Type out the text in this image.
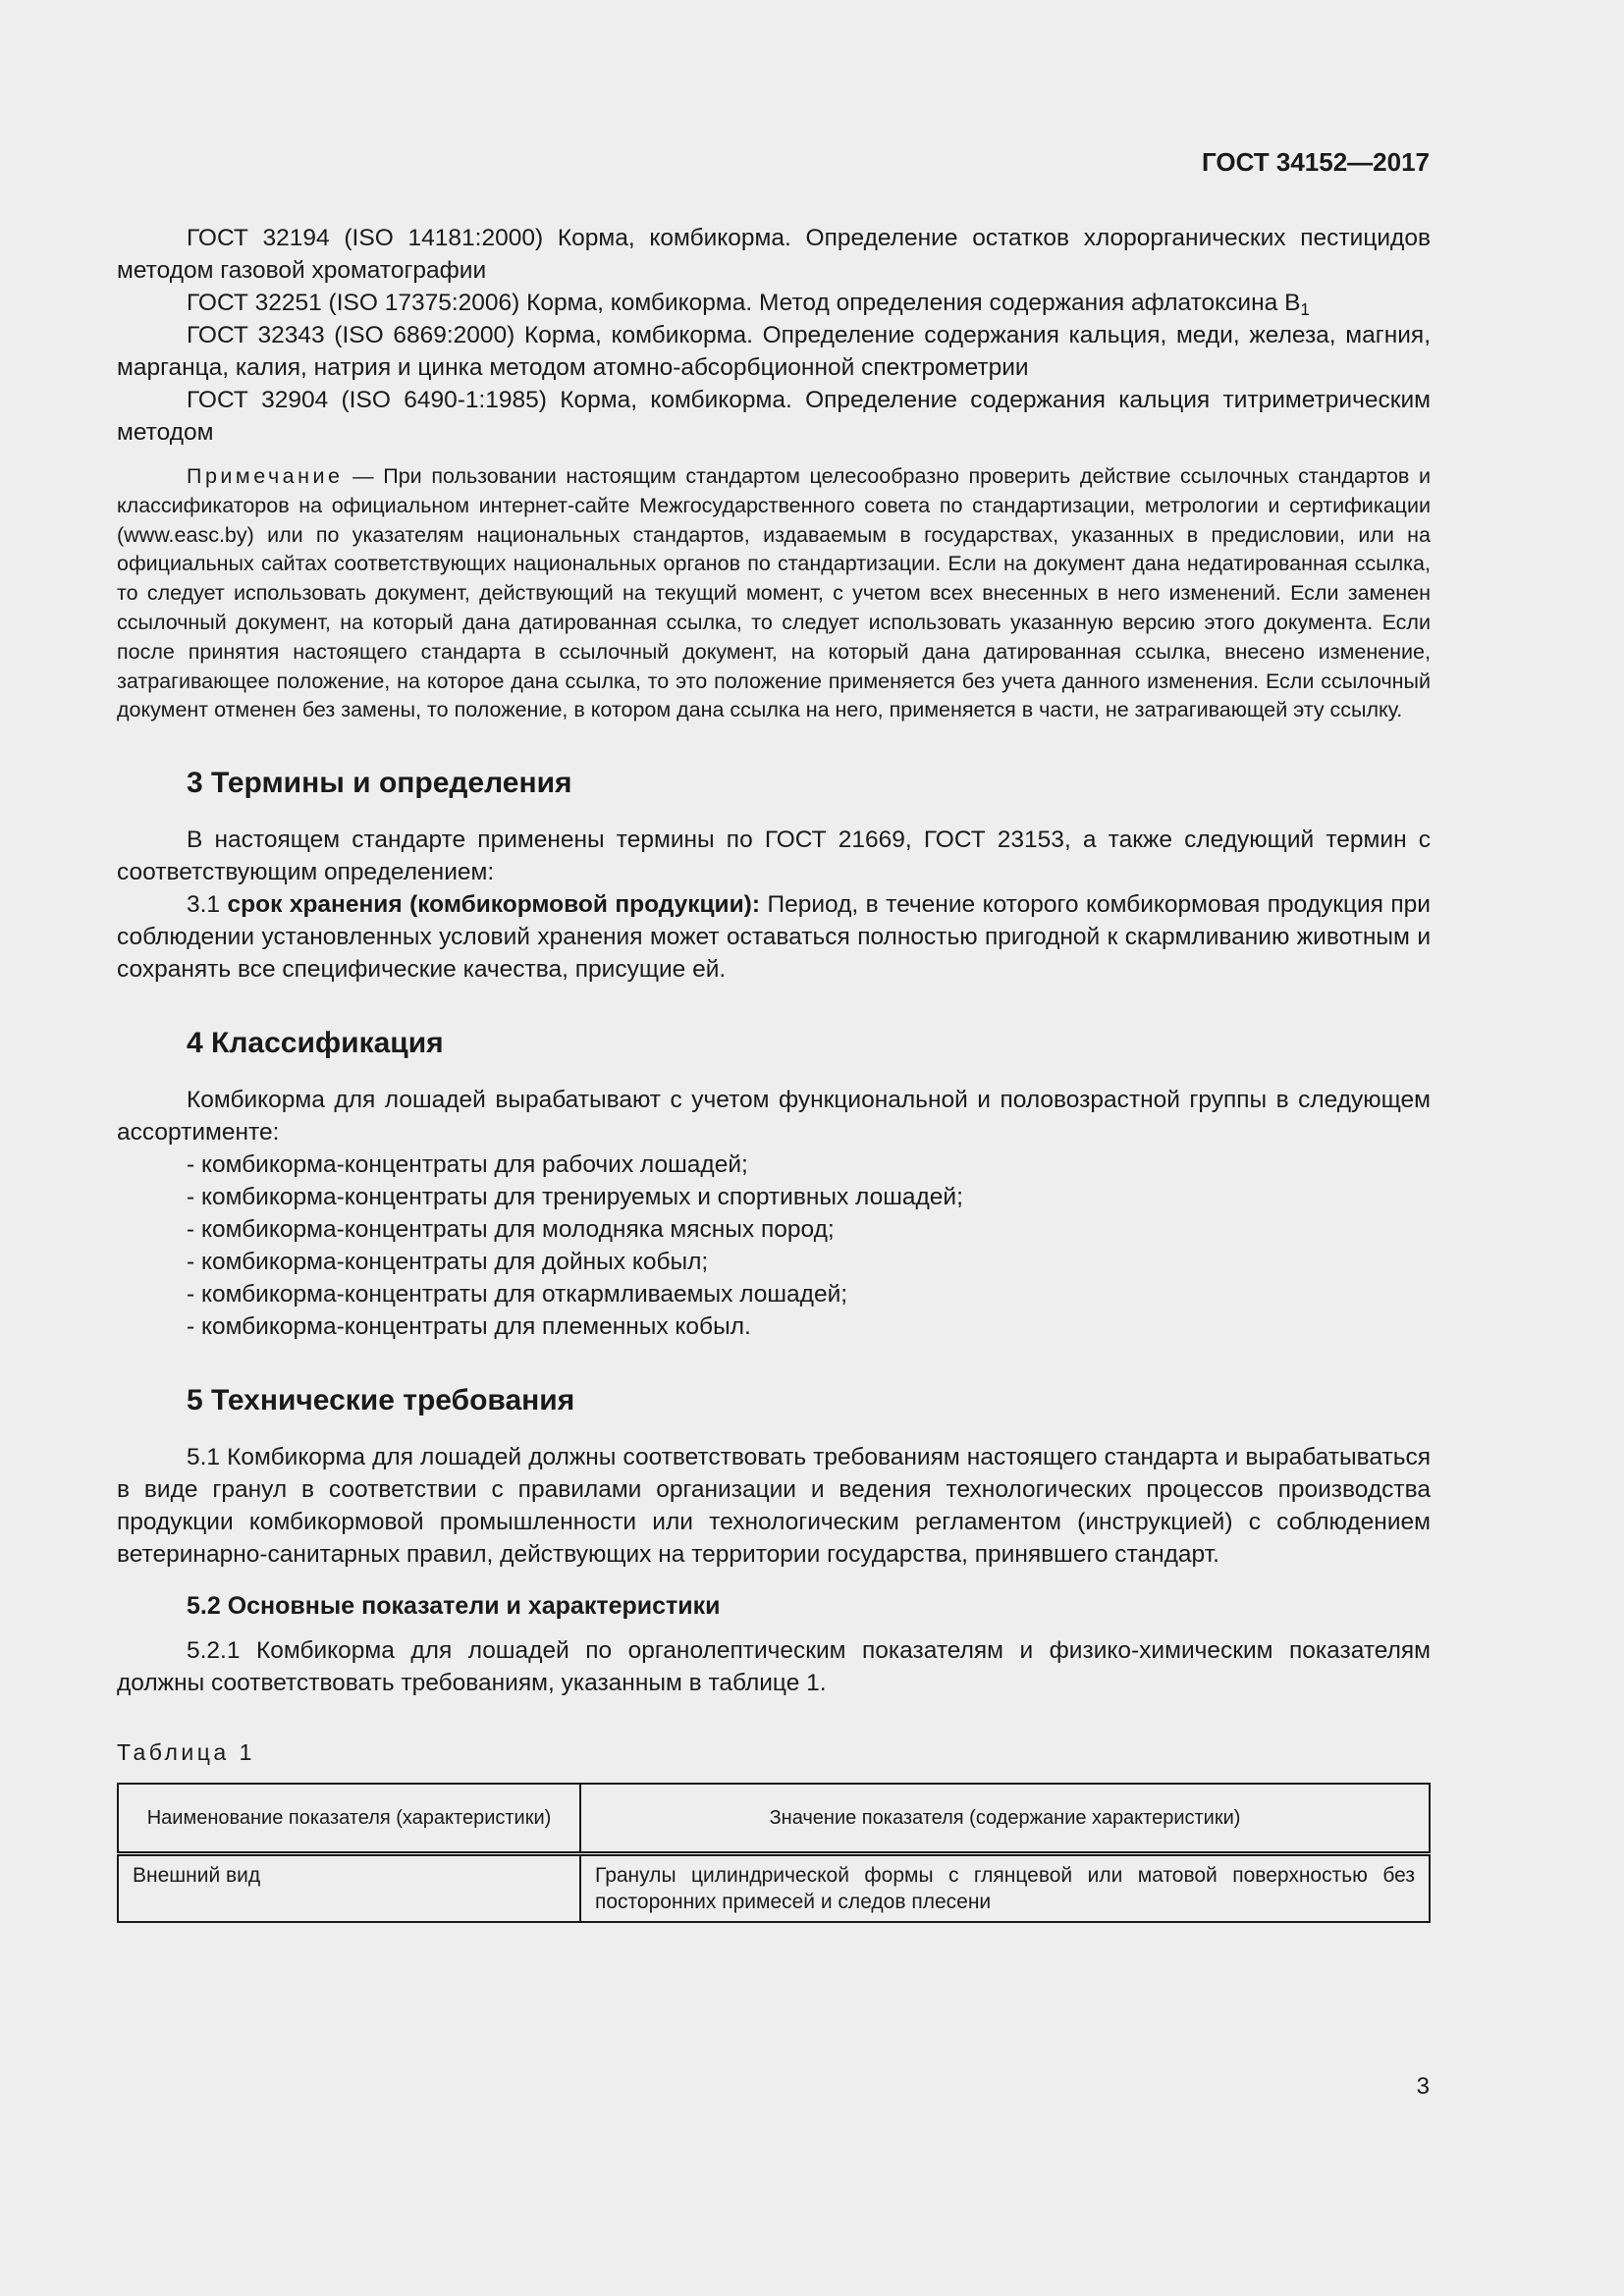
ГОСТ 34152—2017

ГОСТ 32194 (ISO 14181:2000) Корма, комбикорма. Определение остатков хлорорганических пестицидов методом газовой хроматографии

ГОСТ 32251 (ISO 17375:2006) Корма, комбикорма. Метод определения содержания афлатоксина $B_1$

ГОСТ 32343 (ISO 6869:2000) Корма, комбикорма. Определение содержания кальция, меди, железа, магния, марганца, калия, натрия и цинка методом атомно-абсорбционной спектрометрии

ГОСТ 32904 (ISO 6490-1:1985) Корма, комбикорма. Определение содержания кальция титриметрическим методом

Примечание — При пользовании настоящим стандартом целесообразно проверить действие ссылочных стандартов и классификаторов на официальном интернет-сайте Межгосударственного совета по стандартизации, метрологии и сертификации (www.easc.by) или по указателям национальных стандартов, издаваемым в государствах, указанных в предисловии, или на официальных сайтах соответствующих национальных органов по стандартизации. Если на документ дана недатированная ссылка, то следует использовать документ, действующий на текущий момент, с учетом всех внесенных в него изменений. Если заменен ссылочный документ, на который дана датированная ссылка, то следует использовать указанную версию этого документа. Если после принятия настоящего стандарта в ссылочный документ, на который дана датированная ссылка, внесено изменение, затрагивающее положение, на которое дана ссылка, то это положение применяется без учета данного изменения. Если ссылочный документ отменен без замены, то положение, в котором дана ссылка на него, применяется в части, не затрагивающей эту ссылку.

3 Термины и определения

В настоящем стандарте применены термины по ГОСТ 21669, ГОСТ 23153, а также следующий термин с соответствующим определением:

3.1 срок хранения (комбикормовой продукции): Период, в течение которого комбикормовая продукция при соблюдении установленных условий хранения может оставаться полностью пригодной к скармливанию животным и сохранять все специфические качества, присущие ей.

4 Классификация

Комбикорма для лошадей вырабатывают с учетом функциональной и половозрастной группы в следующем ассортименте:

- комбикорма-концентраты для рабочих лошадей;
- комбикорма-концентраты для тренируемых и спортивных лошадей;
- комбикорма-концентраты для молодняка мясных пород;
- комбикорма-концентраты для дойных кобыл;
- комбикорма-концентраты для откармливаемых лошадей;
- комбикорма-концентраты для племенных кобыл.
5 Технические требования

5.1 Комбикорма для лошадей должны соответствовать требованиям настоящего стандарта и вырабатываться в виде гранул в соответствии с правилами организации и ведения технологических процессов производства продукции комбикормовой промышленности или технологическим регламентом (инструкцией) с соблюдением ветеринарно-санитарных правил, действующих на территории государства, принявшего стандарт.

5.2 Основные показатели и характеристики

5.2.1 Комбикорма для лошадей по органолептическим показателям и физико-химическим показателям должны соответствовать требованиям, указанным в таблице 1.

Таблица 1
Наименование показателя (характеристики)	Значение показателя (содержание характеристики)

Внешний вид	Гранулы цилиндрической формы с глянцевой или матовой поверхностью без посторонних примесей и следов плесени
3
